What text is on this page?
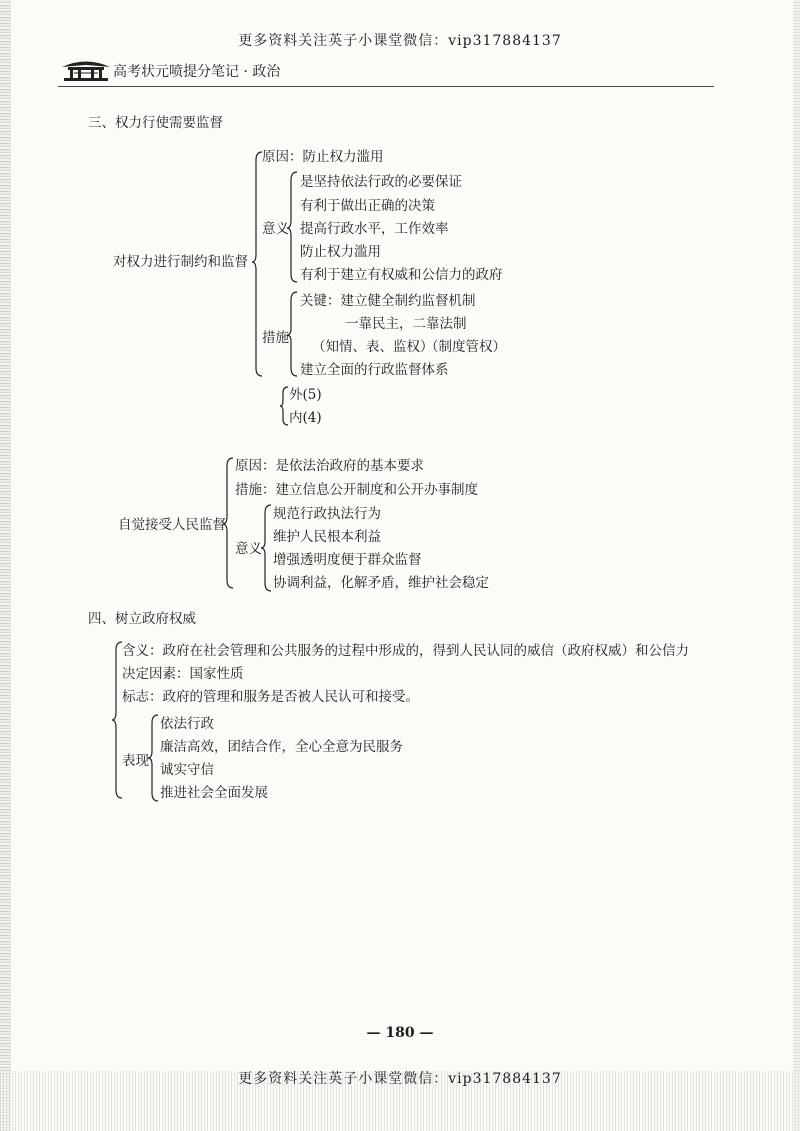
更多资料关注英子小课堂微信：vip317884137
高考状元喷提分笔记 · 政治
三、权力行使需要监督
对权力进行制约和监督
原因：防止权力滥用
意义
是坚持依法行政的必要保证
有利于做出正确的决策
提高行政水平，工作效率
防止权力滥用
有利于建立有权威和公信力的政府
措施
关键：建立健全制约监督机制
一靠民主，二靠法制
（知情、表、监权）
（制度管权）
建立全面的行政监督体系
外(5)
内(4)
自觉接受人民监督
原因：是依法治政府的基本要求
措施：建立信息公开制度和公开办事制度
意义
规范行政执法行为
维护人民根本利益
增强透明度便于群众监督
协调利益，化解矛盾，维护社会稳定
四、树立政府权威
含义：政府在社会管理和公共服务的过程中形成的，得到人民认同的威信（政府权威）和公信力
决定因素：国家性质
标志：政府的管理和服务是否被人民认可和接受。
表现
依法行政
廉洁高效，团结合作，全心全意为民服务
诚实守信
推进社会全面发展
— 180 —
更多资料关注英子小课堂微信：vip317884137
